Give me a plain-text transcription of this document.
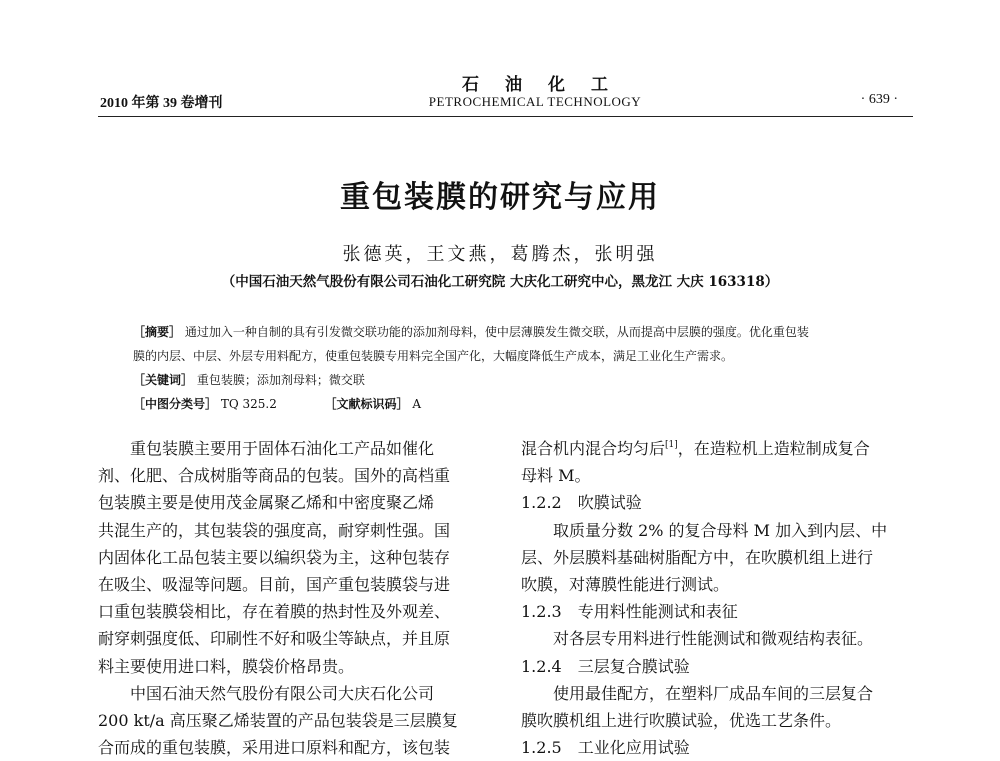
石油化工
PETROCHEMICAL TECHNOLOGY
2010 年第 39 卷增刊	· 639 ·
重包装膜的研究与应用
张德英，王文燕，葛腾杰，张明强
（中国石油天然气股份有限公司石油化工研究院 大庆化工研究中心，黑龙江 大庆 163318）
［摘要］ 通过加入一种自制的具有引发微交联功能的添加剂母料，使中层薄膜发生微交联，从而提高中层膜的强度。优化重包装
膜的内层、中层、外层专用料配方，使重包装膜专用料完全国产化，大幅度降低生产成本，满足工业化生产需求。
［关键词］ 重包装膜；添加剂母料；微交联
［中图分类号］ TQ 325.2	［文献标识码］ A

重包装膜主要用于固体石油化工产品如催化

剂、化肥、合成树脂等商品的包装。国外的高档重

包装膜主要是使用茂金属聚乙烯和中密度聚乙烯

共混生产的，其包装袋的强度高，耐穿刺性强。国

内固体化工品包装主要以编织袋为主，这种包装存

在吸尘、吸湿等问题。目前，国产重包装膜袋与进

口重包装膜袋相比，存在着膜的热封性及外观差、

耐穿刺强度低、印刷性不好和吸尘等缺点，并且原

料主要使用进口料，膜袋价格昂贵。

中国石油天然气股份有限公司大庆石化公司

200 kt/a 高压聚乙烯装置的产品包装袋是三层膜复

合而成的重包装膜，采用进口原料和配方，该包装

混合机内混合均匀后[1]，在造粒机上造粒制成复合

母料 M。

1.2.2　吹膜试验

取质量分数 2% 的复合母料 M 加入到内层、中

层、外层膜料基础树脂配方中，在吹膜机组上进行

吹膜，对薄膜性能进行测试。

1.2.3　专用料性能测试和表征

对各层专用料进行性能测试和微观结构表征。

1.2.4　三层复合膜试验

使用最佳配方，在塑料厂成品车间的三层复合

膜吹膜机组上进行吹膜试验，优选工艺条件。

1.2.5　工业化应用试验
